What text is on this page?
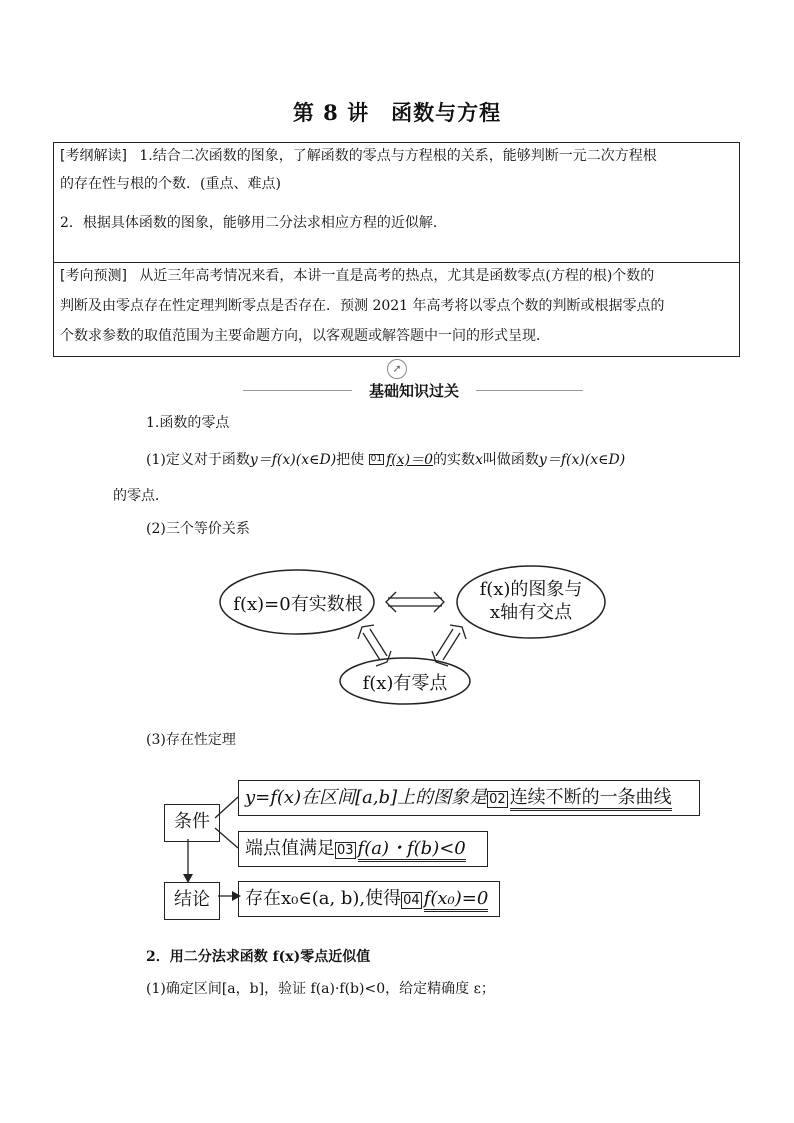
第 8 讲　函数与方程
[考纲解读] 1.结合二次函数的图象，了解函数的零点与方程根的关系，能够判断一元二次方程根
的存在性与根的个数．(重点、难点)
2．根据具体函数的图象，能够用二分法求相应方程的近似解．
[考向预测] 从近三年高考情况来看，本讲一直是高考的热点，尤其是函数零点(方程的根)个数的
判断及由零点存在性定理判断零点是否存在．预测 2021 年高考将以零点个数的判断或根据零点的
个数求参数的取值范围为主要命题方向，以客观题或解答题中一问的形式呈现．
➚
基础知识过关
1.函数的零点
(1)定义对于函数y＝f(x)(x∈D)把使 01 f(x)＝0的实数x叫做函数y＝f(x)(x∈D)
的零点．
(2)三个等价关系
f(x)=0有实数根
f(x)的图象与
x轴有交点
f(x)有零点
(3)存在性定理
条件
结论
y=f(x)在区间[a,b]上的图象是 02 连续不断的一条曲线
端点值满足 03 f(a)・f(b)<0
存在x₀∈(a, b),使得 04 f(x₀)=0
2．用二分法求函数 f(x)零点近似值
(1)确定区间[a，b]，验证 f(a)·f(b)<0，给定精确度 ε；
